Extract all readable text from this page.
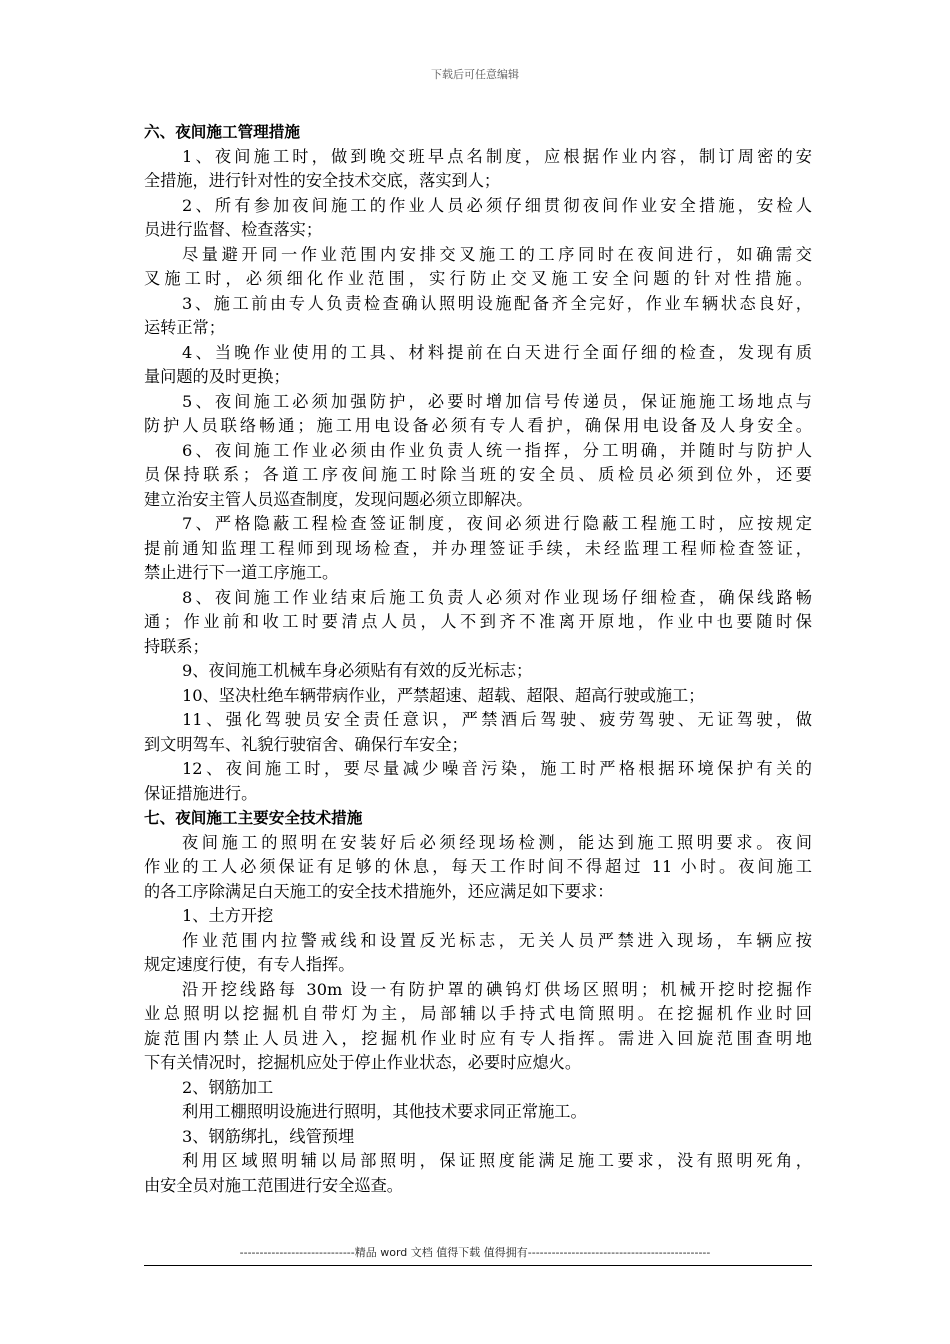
下载后可任意编辑
六、夜间施工管理措施
1、夜间施工时，做到晚交班早点名制度，应根据作业内容，制订周密的安
全措施，进行针对性的安全技术交底，落实到人；
2、所有参加夜间施工的作业人员必须仔细贯彻夜间作业安全措施，安检人
员进行监督、检查落实；
尽量避开同一作业范围内安排交叉施工的工序同时在夜间进行，如确需交
叉施工时，必须细化作业范围，实行防止交叉施工安全问题的针对性措施。
3、施工前由专人负责检查确认照明设施配备齐全完好，作业车辆状态良好，
运转正常；
4、当晚作业使用的工具、材料提前在白天进行全面仔细的检查，发现有质
量问题的及时更换；
5、夜间施工必须加强防护，必要时增加信号传递员，保证施施工场地点与
防护人员联络畅通；施工用电设备必须有专人看护，确保用电设备及人身安全。
6、夜间施工作业必须由作业负责人统一指挥，分工明确，并随时与防护人
员保持联系；各道工序夜间施工时除当班的安全员、质检员必须到位外，还要
建立治安主管人员巡查制度，发现问题必须立即解决。
7、严格隐蔽工程检查签证制度，夜间必须进行隐蔽工程施工时，应按规定
提前通知监理工程师到现场检查，并办理签证手续，未经监理工程师检查签证，
禁止进行下一道工序施工。
8、夜间施工作业结束后施工负责人必须对作业现场仔细检查，确保线路畅
通；作业前和收工时要清点人员，人不到齐不准离开原地，作业中也要随时保
持联系；
9、夜间施工机械车身必须贴有有效的反光标志；
10、坚决杜绝车辆带病作业，严禁超速、超载、超限、超高行驶或施工；
11、强化驾驶员安全责任意识，严禁酒后驾驶、疲劳驾驶、无证驾驶，做
到文明驾车、礼貌行驶宿舍、确保行车安全；
12、夜间施工时，要尽量减少噪音污染，施工时严格根据环境保护有关的
保证措施进行。
七、夜间施工主要安全技术措施
夜间施工的照明在安装好后必须经现场检测，能达到施工照明要求。夜间
作业的工人必须保证有足够的休息，每天工作时间不得超过 11 小时。夜间施工
的各工序除满足白天施工的安全技术措施外，还应满足如下要求：
1、土方开挖
作业范围内拉警戒线和设置反光标志，无关人员严禁进入现场，车辆应按
规定速度行使，有专人指挥。
沿开挖线路每 30m 设一有防护罩的碘钨灯供场区照明；机械开挖时挖掘作
业总照明以挖掘机自带灯为主，局部辅以手持式电筒照明。在挖掘机作业时回
旋范围内禁止人员进入，挖掘机作业时应有专人指挥。需进入回旋范围查明地
下有关情况时，挖掘机应处于停止作业状态，必要时应熄火。
2、钢筋加工
利用工棚照明设施进行照明，其他技术要求同正常施工。
3、钢筋绑扎，线管预埋
利用区域照明辅以局部照明，保证照度能满足施工要求，没有照明死角，
由安全员对施工范围进行安全巡查。
-----------------------------精品 word 文档 值得下载 值得拥有----------------------------------------------
